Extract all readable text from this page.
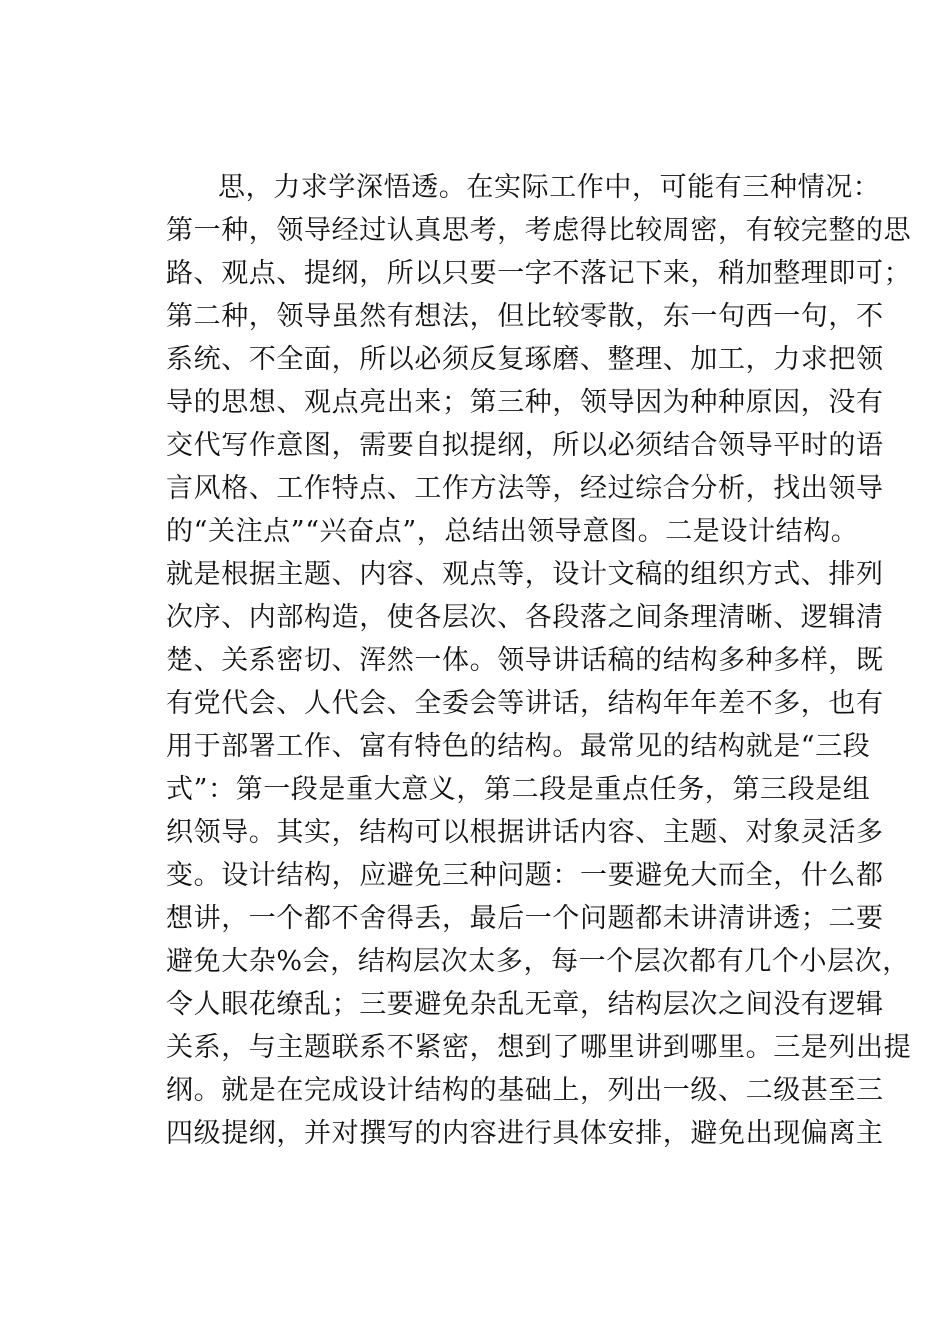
思，力求学深悟透。在实际工作中，可能有三种情况：
第一种，领导经过认真思考，考虑得比较周密，有较完整的思
路、观点、提纲，所以只要一字不落记下来，稍加整理即可；
第二种，领导虽然有想法，但比较零散，东一句西一句，不
系统、不全面，所以必须反复琢磨、整理、加工，力求把领
导的思想、观点亮出来；第三种，领导因为种种原因，没有
交代写作意图，需要自拟提纲，所以必须结合领导平时的语
言风格、工作特点、工作方法等，经过综合分析，找出领导
的“关注点”“兴奋点”，总结出领导意图。二是设计结构。
就是根据主题、内容、观点等，设计文稿的组织方式、排列
次序、内部构造，使各层次、各段落之间条理清晰、逻辑清
楚、关系密切、浑然一体。领导讲话稿的结构多种多样，既
有党代会、人代会、全委会等讲话，结构年年差不多，也有
用于部署工作、富有特色的结构。最常见的结构就是“三段
式”：第一段是重大意义，第二段是重点任务，第三段是组
织领导。其实，结构可以根据讲话内容、主题、对象灵活多
变。设计结构，应避免三种问题：一要避免大而全，什么都
想讲，一个都不舍得丢，最后一个问题都未讲清讲透；二要
避免大杂%会，结构层次太多，每一个层次都有几个小层次，
令人眼花缭乱；三要避免杂乱无章，结构层次之间没有逻辑
关系，与主题联系不紧密，想到了哪里讲到哪里。三是列出提
纲。就是在完成设计结构的基础上，列出一级、二级甚至三
四级提纲，并对撰写的内容进行具体安排，避免出现偏离主
